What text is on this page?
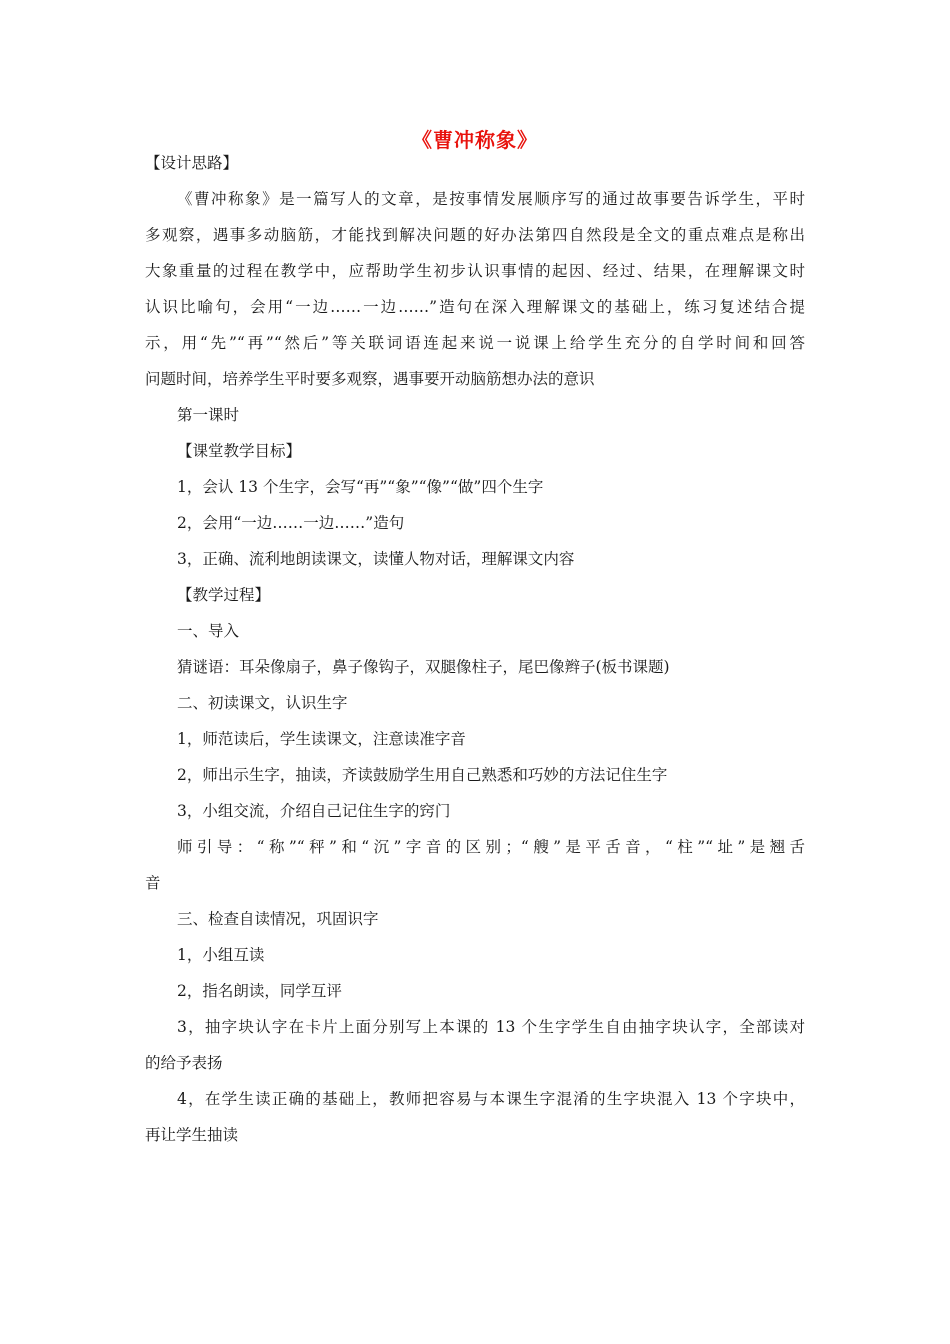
《曹冲称象》
【设计思路】
《曹冲称象》是一篇写人的文章，是按事情发展顺序写的通过故事要告诉学生，平时
多观察，遇事多动脑筋，才能找到解决问题的好办法第四自然段是全文的重点难点是称出
大象重量的过程在教学中，应帮助学生初步认识事情的起因、经过、结果，在理解课文时
认识比喻句，会用“一边……一边……”造句在深入理解课文的基础上，练习复述结合提
示，用“先”“再”“然后”等关联词语连起来说一说课上给学生充分的自学时间和回答
问题时间，培养学生平时要多观察，遇事要开动脑筋想办法的意识
第一课时
【课堂教学目标】
1，会认 13 个生字，会写“再”“象”“像”“做”四个生字
2，会用“一边……一边……”造句
3，正确、流利地朗读课文，读懂人物对话，理解课文内容
【教学过程】
一、导入
猜谜语：耳朵像扇子，鼻子像钩子，双腿像柱子，尾巴像辫子(板书课题)
二、初读课文，认识生字
1，师范读后，学生读课文，注意读准字音
2，师出示生字，抽读，齐读鼓励学生用自己熟悉和巧妙的方法记住生字
3，小组交流，介绍自己记住生字的窍门
师引导：“称”“秤”和“沉”字音的区别；“艘”是平舌音，“柱”“址”是翘舌
音
三、检查自读情况，巩固识字
1，小组互读
2，指名朗读，同学互评
3，抽字块认字在卡片上面分别写上本课的 13 个生字学生自由抽字块认字，全部读对
的给予表扬
4，在学生读正确的基础上，教师把容易与本课生字混淆的生字块混入 13 个字块中，
再让学生抽读
